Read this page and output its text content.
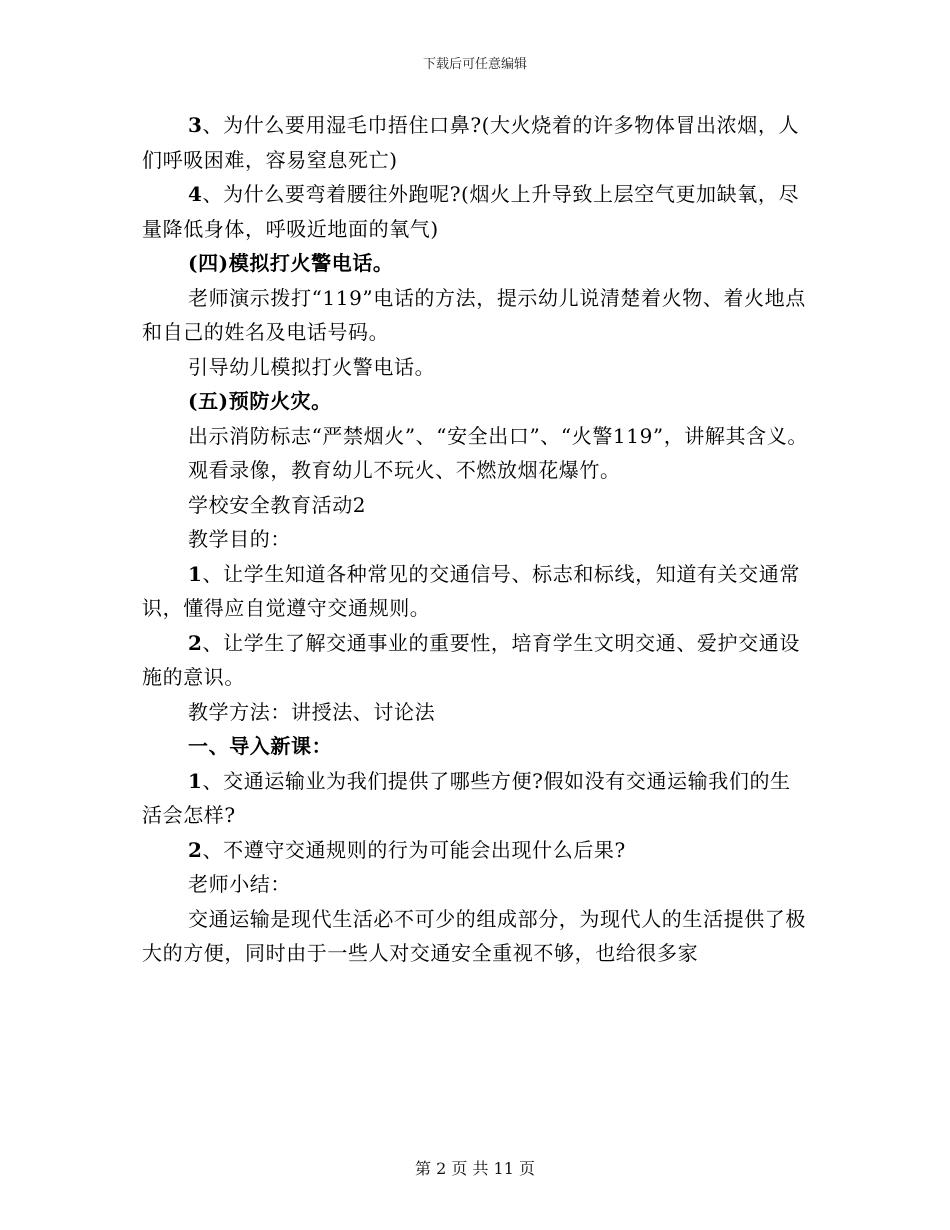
下载后可任意编辑

3、为什么要用湿毛巾捂住口鼻?(大火烧着的许多物体冒出浓烟，人们呼吸困难，容易窒息死亡)

4、为什么要弯着腰往外跑呢?(烟火上升导致上层空气更加缺氧，尽量降低身体，呼吸近地面的氧气)

(四)模拟打火警电话。

老师演示拨打“119”电话的方法，提示幼儿说清楚着火物、着火地点和自己的姓名及电话号码。

引导幼儿模拟打火警电话。

(五)预防火灾。

出示消防标志“严禁烟火”、“安全出口”、“火警119”，讲解其含义。

观看录像，教育幼儿不玩火、不燃放烟花爆竹。

学校安全教育活动2

教学目的：

1、让学生知道各种常见的交通信号、标志和标线，知道有关交通常识，懂得应自觉遵守交通规则。

2、让学生了解交通事业的重要性，培育学生文明交通、爱护交通设施的意识。

教学方法：讲授法、讨论法

一、导入新课：

1、交通运输业为我们提供了哪些方便?假如没有交通运输我们的生活会怎样?

2、不遵守交通规则的行为可能会出现什么后果?

老师小结：

交通运输是现代生活必不可少的组成部分，为现代人的生活提供了极大的方便，同时由于一些人对交通安全重视不够，也给很多家

第 2 页 共 11 页
